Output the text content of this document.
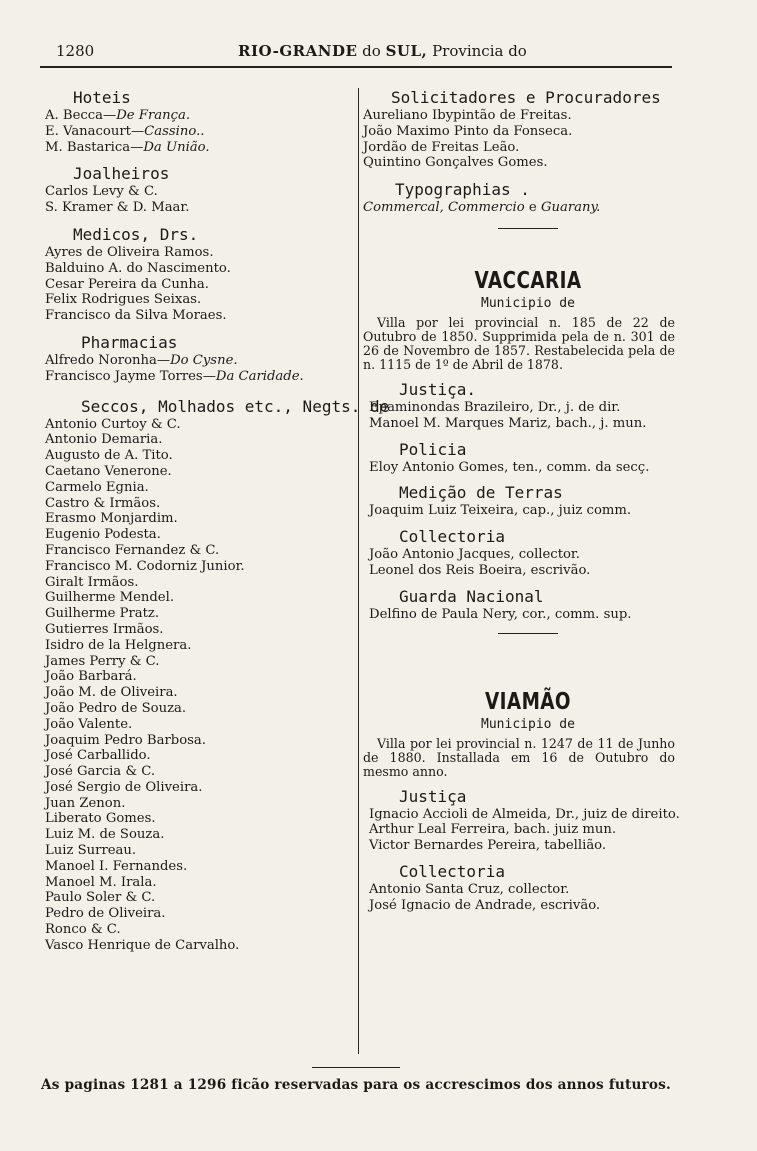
1280	RIO-GRANDE do SUL, Provincia do
Hoteis
A. Becca—De França.
E. Vanacourt—Cassino..
M. Bastarica—Da União.
Joalheiros
Carlos Levy & C.
S. Kramer & D. Maar.
Medicos, Drs.
Ayres de Oliveira Ramos.
Balduino A. do Nascimento.
Cesar Pereira da Cunha.
Felix Rodrigues Seixas.
Francisco da Silva Moraes.
Pharmacias
Alfredo Noronha—Do Cysne.
Francisco Jayme Torres—Da Caridade.
Seccos, Molhados etc., Negts. de
Antonio Curtoy & C.
Antonio Demaria.
Augusto de A. Tito.
Caetano Venerone.
Carmelo Egnia.
Castro & Irmãos.
Erasmo Monjardim.
Eugenio Podesta.
Francisco Fernandez & C.
Francisco M. Codorniz Junior.
Giralt Irmãos.
Guilherme Mendel.
Guilherme Pratz.
Gutierres Irmãos.
Isidro de la Helgnera.
James Perry & C.
João Barbará.
João M. de Oliveira.
João Pedro de Souza.
João Valente.
Joaquim Pedro Barbosa.
José Carballido.
José Garcia & C.
José Sergio de Oliveira.
Juan Zenon.
Liberato Gomes.
Luiz M. de Souza.
Luiz Surreau.
Manoel I. Fernandes.
Manoel M. Irala.
Paulo Soler & C.
Pedro de Oliveira.
Ronco & C.
Vasco Henrique de Carvalho.
Solicitadores e Procuradores
Aureliano Ibypintão de Freitas.
João Maximo Pinto da Fonseca.
Jordão de Freitas Leão.
Quintino Gonçalves Gomes.
Typographias .
Commercal, Commercio e Guarany.
VACCARIA
Municipio de
Villa por lei provincial n. 185 de 22 de Outubro de 1850. Supprimida pela de n. 301 de 26 de Novembro de 1857. Restabelecida pela de n. 1115 de 1º de Abril de 1878.
Justiça.
Epaminondas Brazileiro, Dr., j. de dir.
Manoel M. Marques Mariz, bach., j. mun.
Policia
Eloy Antonio Gomes, ten., comm. da secç.
Medição de Terras
Joaquim Luiz Teixeira, cap., juiz comm.
Collectoria
João Antonio Jacques, collector.
Leonel dos Reis Boeira, escrivão.
Guarda Nacional
Delfino de Paula Nery, cor., comm. sup.
VIAMÃO
Municipio de
Villa por lei provincial n. 1247 de 11 de Junho de 1880. Installada em 16 de Outubro do mesmo anno.
Justiça
Ignacio Accioli de Almeida, Dr., juiz de direito.
Arthur Leal Ferreira, bach. juiz mun.
Victor Bernardes Pereira, tabellião.
Collectoria
Antonio Santa Cruz, collector.
José Ignacio de Andrade, escrivão.
As paginas 1281 a 1296 ficão reservadas para os accrescimos dos annos futuros.
